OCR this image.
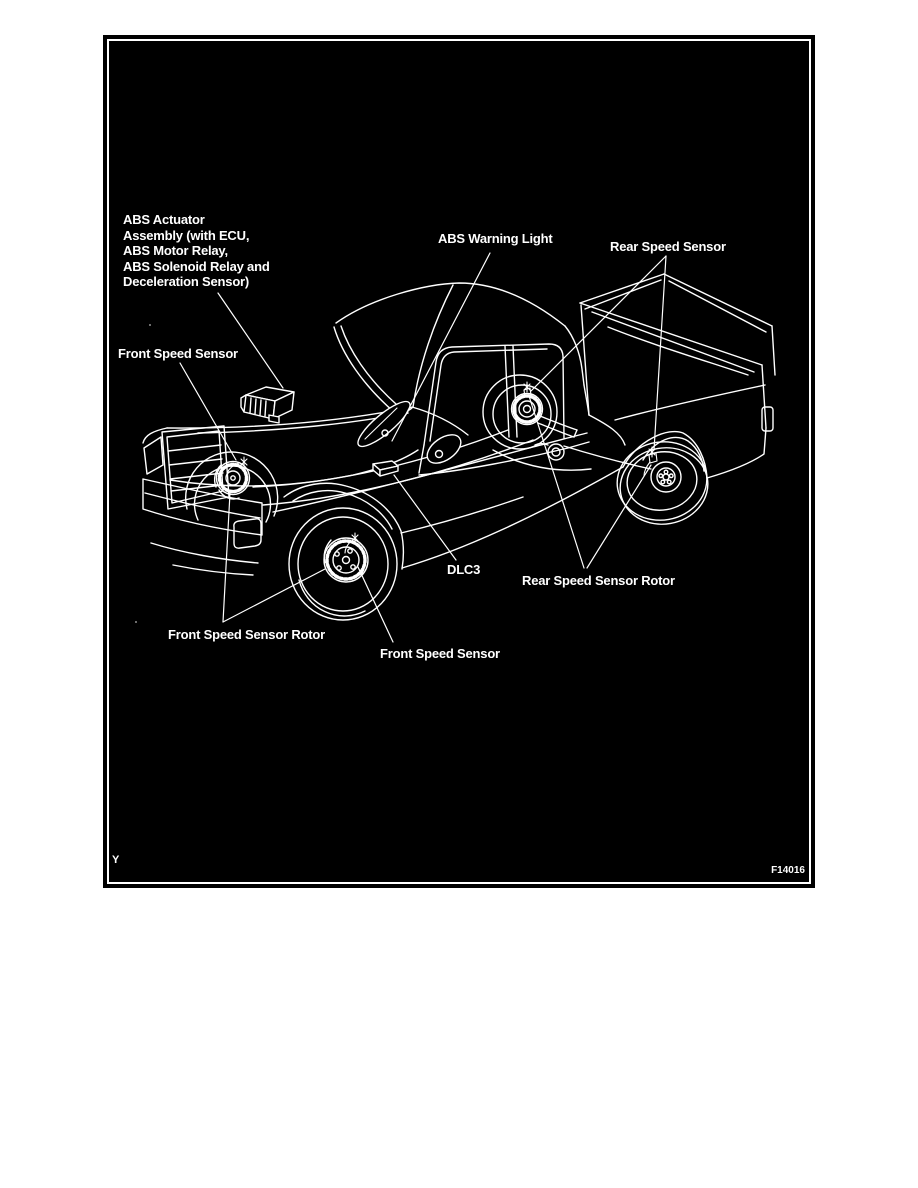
ABS Actuator
Assembly (with ECU,
ABS Motor Relay,
ABS Solenoid Relay and
Deceleration Sensor)
ABS Warning Light
Rear Speed Sensor
Front Speed Sensor
DLC3
Rear Speed Sensor Rotor
Front Speed Sensor Rotor
Front Speed Sensor
Y
F14016
